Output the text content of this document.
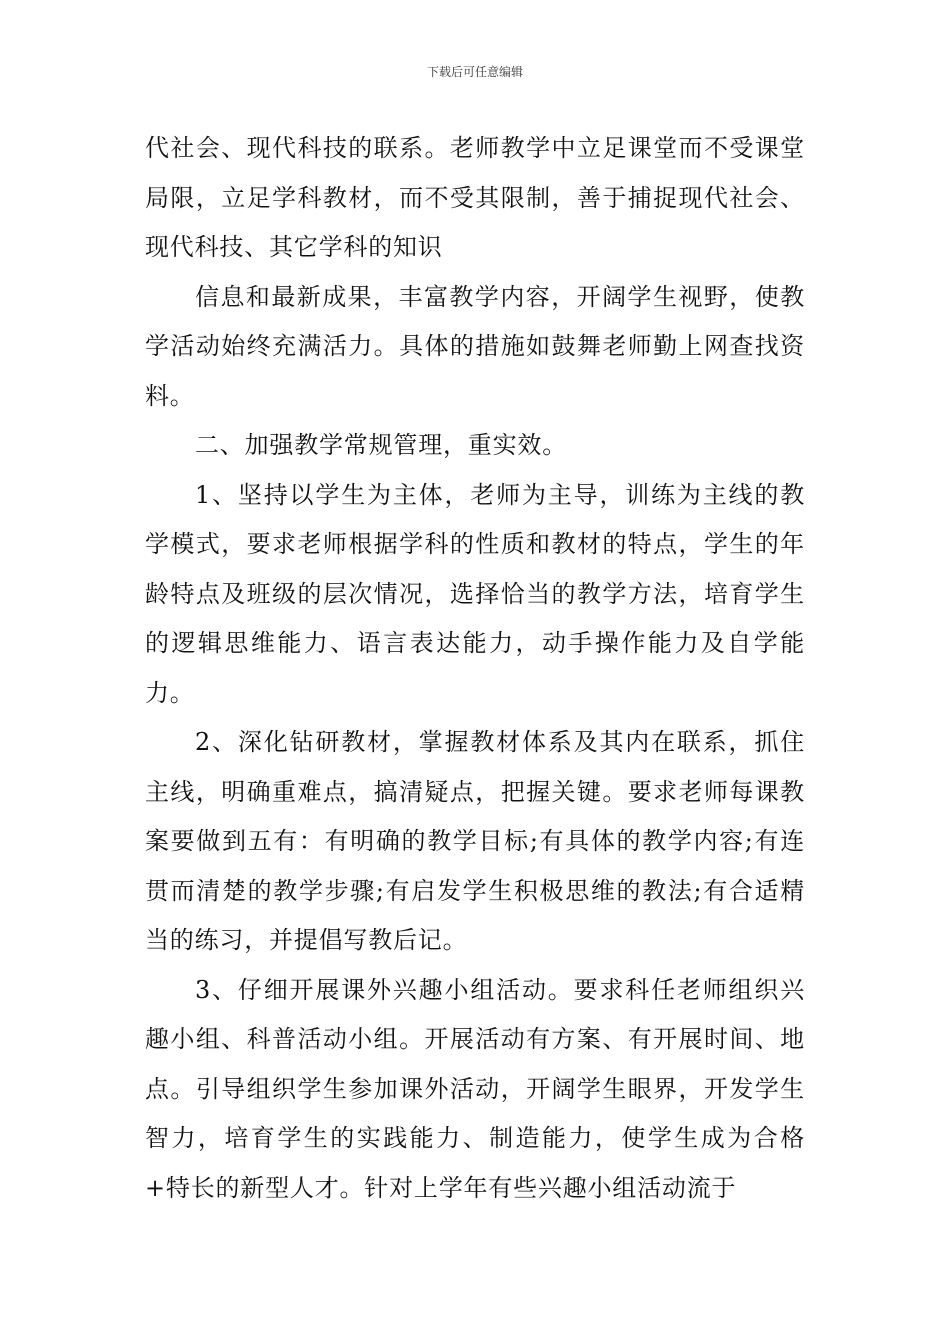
下载后可任意编辑

代社会、现代科技的联系。老师教学中立足课堂而不受课堂局限，立足学科教材，而不受其限制，善于捕捉现代社会、现代科技、其它学科的知识

信息和最新成果，丰富教学内容，开阔学生视野，使教学活动始终充满活力。具体的措施如鼓舞老师勤上网查找资料。

二、加强教学常规管理，重实效。

1、坚持以学生为主体，老师为主导，训练为主线的教学模式，要求老师根据学科的性质和教材的特点，学生的年龄特点及班级的层次情况，选择恰当的教学方法，培育学生的逻辑思维能力、语言表达能力，动手操作能力及自学能力。

2、深化钻研教材，掌握教材体系及其内在联系，抓住主线，明确重难点，搞清疑点，把握关键。要求老师每课教案要做到五有：有明确的教学目标;有具体的教学内容;有连贯而清楚的教学步骤;有启发学生积极思维的教法;有合适精当的练习，并提倡写教后记。

3、仔细开展课外兴趣小组活动。要求科任老师组织兴趣小组、科普活动小组。开展活动有方案、有开展时间、地点。引导组织学生参加课外活动，开阔学生眼界，开发学生智力，培育学生的实践能力、制造能力，使学生成为合格+特长的新型人才。针对上学年有些兴趣小组活动流于
